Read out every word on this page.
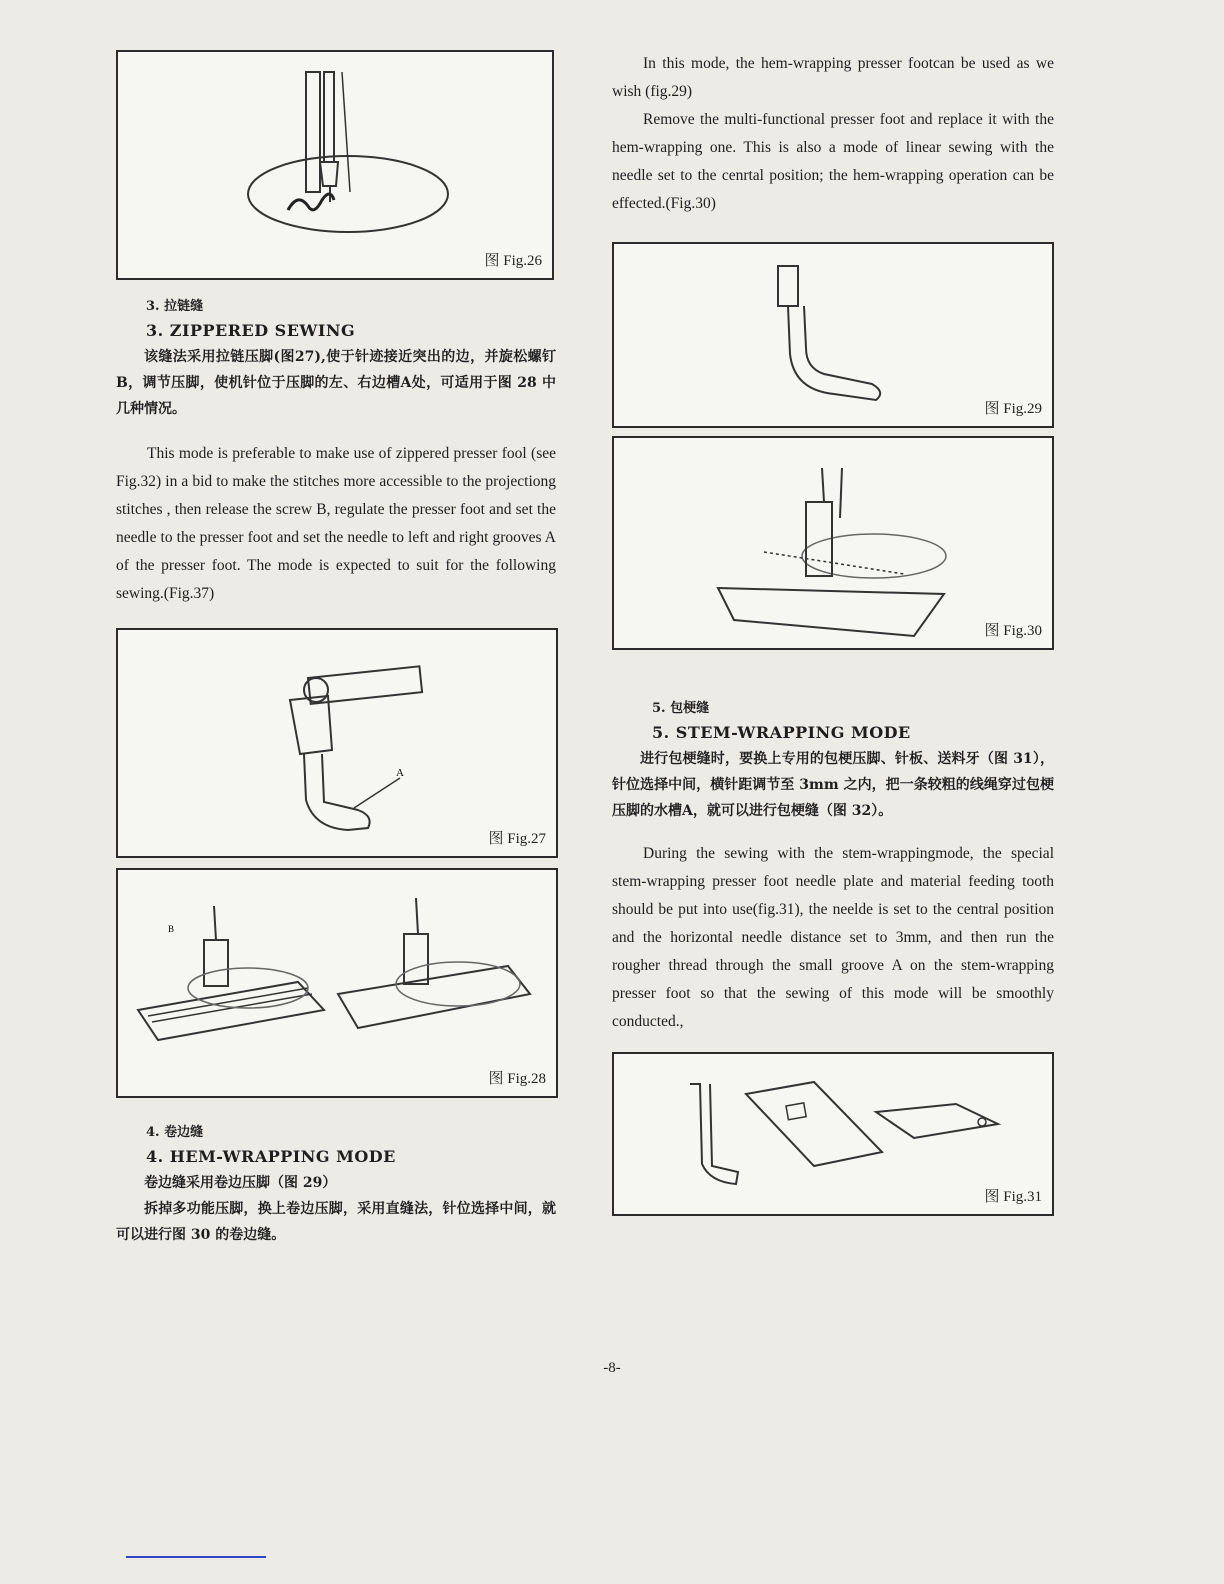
图 Fig.26

3. 拉链缝

3. ZIPPERED SEWING

该缝法采用拉链压脚(图27),使于针迹接近突出的边，并旋松螺钉B，调节压脚，使机针位于压脚的左、右边槽A处，可适用于图 28 中几种情况。

This mode is preferable to make use of zippered presser fool (see Fig.32) in a bid to make the stitches more accessible to the projectiong stitches , then release the screw B, regulate the presser foot and set the needle to the presser foot and set the needle to left and right grooves A of the presser foot. The mode is expected to suit for the following sewing.(Fig.37)

A
图 Fig.27
B
图 Fig.28

4. 卷边缝

4. HEM-WRAPPING MODE

卷边缝采用卷边压脚（图 29）

拆掉多功能压脚，换上卷边压脚，采用直缝法，针位选择中间，就可以进行图 30 的卷边缝。

In this mode, the hem-wrapping presser footcan be used as we wish (fig.29)

Remove the multi-functional presser foot and replace it with the hem-wrapping one. This is also a mode of linear sewing with the needle set to the cenrtal position; the hem-wrapping operation can be effected.(Fig.30)

图 Fig.29
图 Fig.30

5. 包梗缝

5. STEM-WRAPPING MODE

进行包梗缝时，要换上专用的包梗压脚、针板、送料牙（图 31），针位选择中间，横针距调节至 3mm 之内，把一条较粗的线绳穿过包梗压脚的水槽A，就可以进行包梗缝（图 32）。

During the sewing with the stem-wrappingmode, the special stem-wrapping presser foot needle plate and material feeding tooth should be put into use(fig.31), the neelde is set to the central position and the horizontal needle distance set to 3mm, and then run the rougher thread through the small groove A on the stem-wrapping presser foot so that the sewing of this mode will be smoothly conducted.,

图 Fig.31
-8-
